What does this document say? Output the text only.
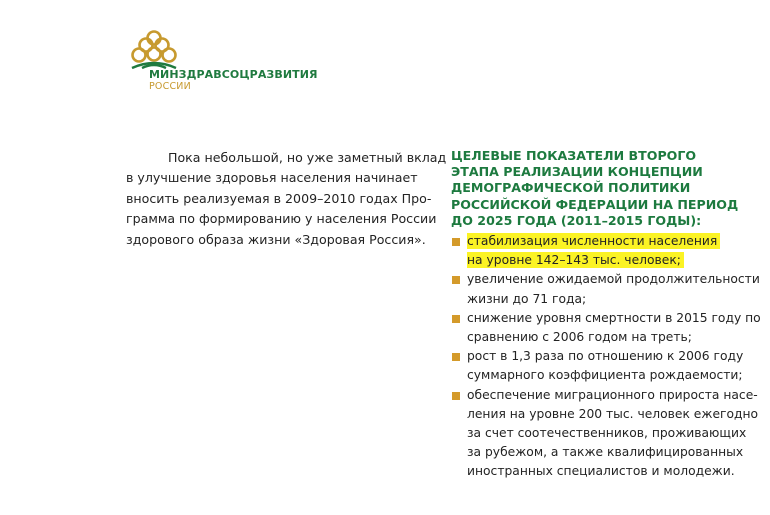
МИНЗДРАВСОЦРАЗВИТИЯ
РОССИИ
Пока небольшой, но уже заметный вклад
в улучшение здоровья населения начинает
вносить реализуемая в 2009–2010 годах Про-
грамма по формированию у населения России
здорового образа жизни «Здоровая Россия».
ЦЕЛЕВЫЕ ПОКАЗАТЕЛИ ВТОРОГО
ЭТАПА РЕАЛИЗАЦИИ КОНЦЕПЦИИ
ДЕМОГРАФИЧЕСКОЙ ПОЛИТИКИ
РОССИЙСКОЙ ФЕДЕРАЦИИ НА ПЕРИОД
ДО 2025 ГОДА (2011–2015 ГОДЫ):
стабилизация численности населения
на уровне 142–143 тыс. человек;
увеличение ожидаемой продолжительности
жизни до 71 года;
снижение уровня смертности в 2015 году по
сравнению с 2006 годом на треть;
рост в 1,3 раза по отношению к 2006 году
суммарного коэффициента рождаемости;
обеспечение миграционного прироста насе-
ления на уровне 200 тыс. человек ежегодно
за счет соотечественников, проживающих
за рубежом, а также квалифицированных
иностранных специалистов и молодежи.
